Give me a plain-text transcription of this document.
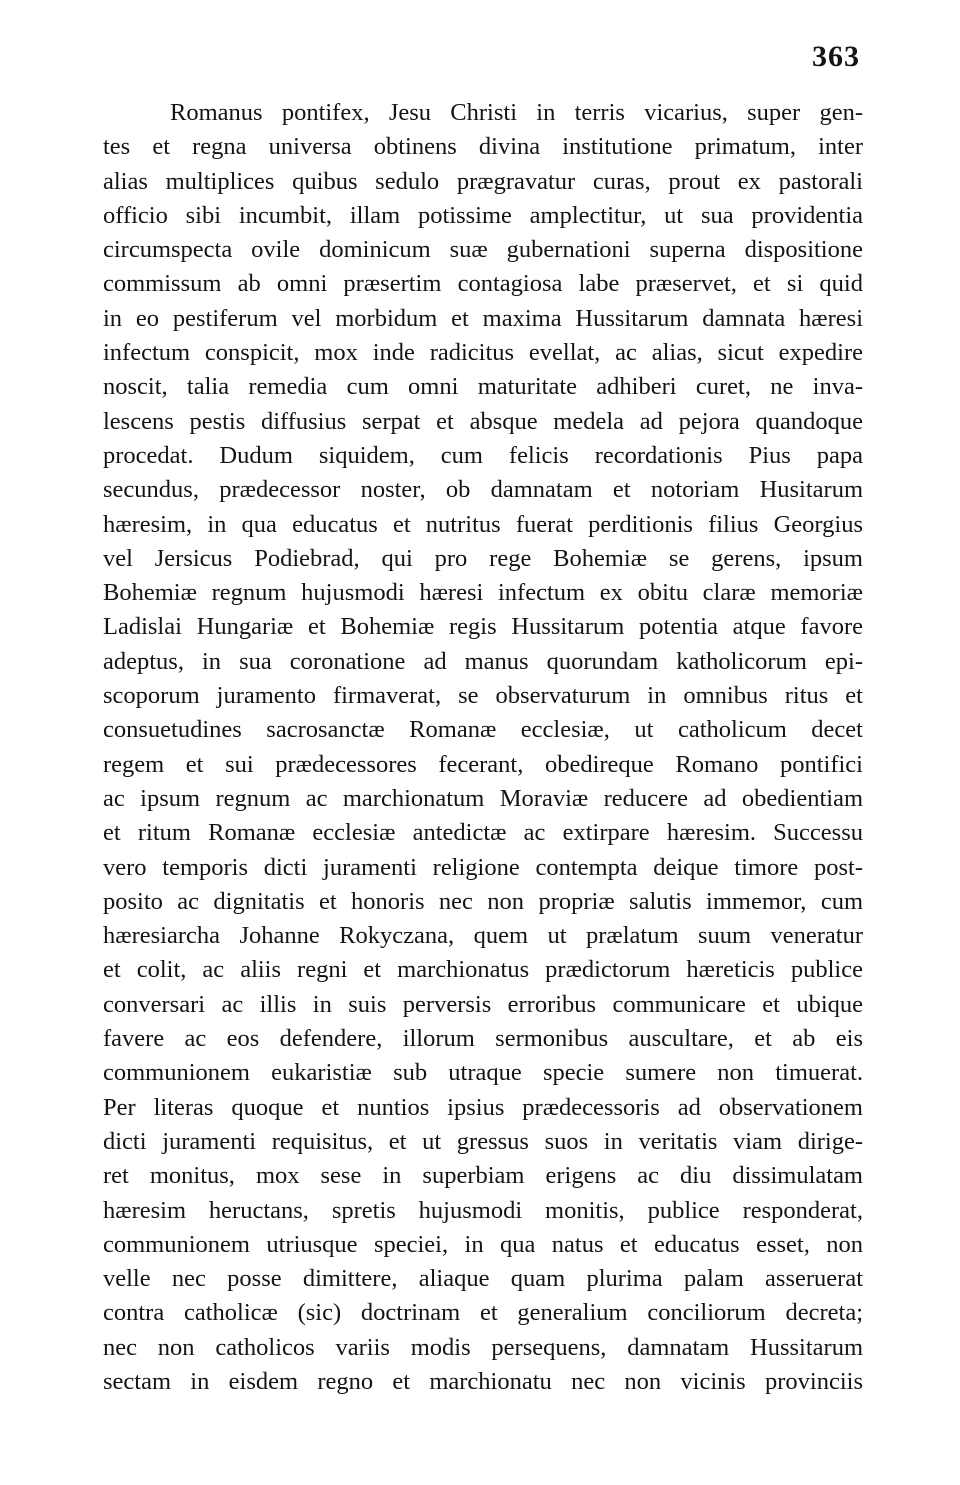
363
Romanus pontifex, Jesu Christi in terris vicarius, super gen-
tes et regna universa obtinens divina institutione primatum, inter
alias multiplices quibus sedulo prægravatur curas, prout ex pastorali
officio sibi incumbit, illam potissime amplectitur, ut sua providentia
circumspecta ovile dominicum suæ gubernationi superna dispositione
commissum ab omni præsertim contagiosa labe præservet, et si quid
in eo pestiferum vel morbidum et maxima Hussitarum damnata hæresi
infectum conspicit, mox inde radicitus evellat, ac alias, sicut expedire
noscit, talia remedia cum omni maturitate adhiberi curet, ne inva-
lescens pestis diffusius serpat et absque medela ad pejora quandoque
procedat. Dudum siquidem, cum felicis recordationis Pius papa
secundus, prædecessor noster, ob damnatam et notoriam Husitarum
hæresim, in qua educatus et nutritus fuerat perditionis filius Georgius
vel Jersicus Podiebrad, qui pro rege Bohemiæ se gerens, ipsum
Bohemiæ regnum hujusmodi hæresi infectum ex obitu claræ memoriæ
Ladislai Hungariæ et Bohemiæ regis Hussitarum potentia atque favore
adeptus, in sua coronatione ad manus quorundam katholicorum epi-
scoporum juramento firmaverat, se observaturum in omnibus ritus et
consuetudines sacrosanctæ Romanæ ecclesiæ, ut catholicum decet
regem et sui prædecessores fecerant, obedireque Romano pontifici
ac ipsum regnum ac marchionatum Moraviæ reducere ad obedientiam
et ritum Romanæ ecclesiæ antedictæ ac extirpare hæresim. Successu
vero temporis dicti juramenti religione contempta deique timore post-
posito ac dignitatis et honoris nec non propriæ salutis immemor, cum
hæresiarcha Johanne Rokyczana, quem ut prælatum suum veneratur
et colit, ac aliis regni et marchionatus prædictorum hæreticis publice
conversari ac illis in suis perversis erroribus communicare et ubique
favere ac eos defendere, illorum sermonibus auscultare, et ab eis
communionem eukaristiæ sub utraque specie sumere non timuerat.
Per literas quoque et nuntios ipsius prædecessoris ad observationem
dicti juramenti requisitus, et ut gressus suos in veritatis viam dirige-
ret monitus, mox sese in superbiam erigens ac diu dissimulatam
hæresim heructans, spretis hujusmodi monitis, publice responderat,
communionem utriusque speciei, in qua natus et educatus esset, non
velle nec posse dimittere, aliaque quam plurima palam asseruerat
contra catholicæ (sic) doctrinam et generalium conciliorum decreta;
nec non catholicos variis modis persequens, damnatam Hussitarum
sectam in eisdem regno et marchionatu nec non vicinis provinciis
